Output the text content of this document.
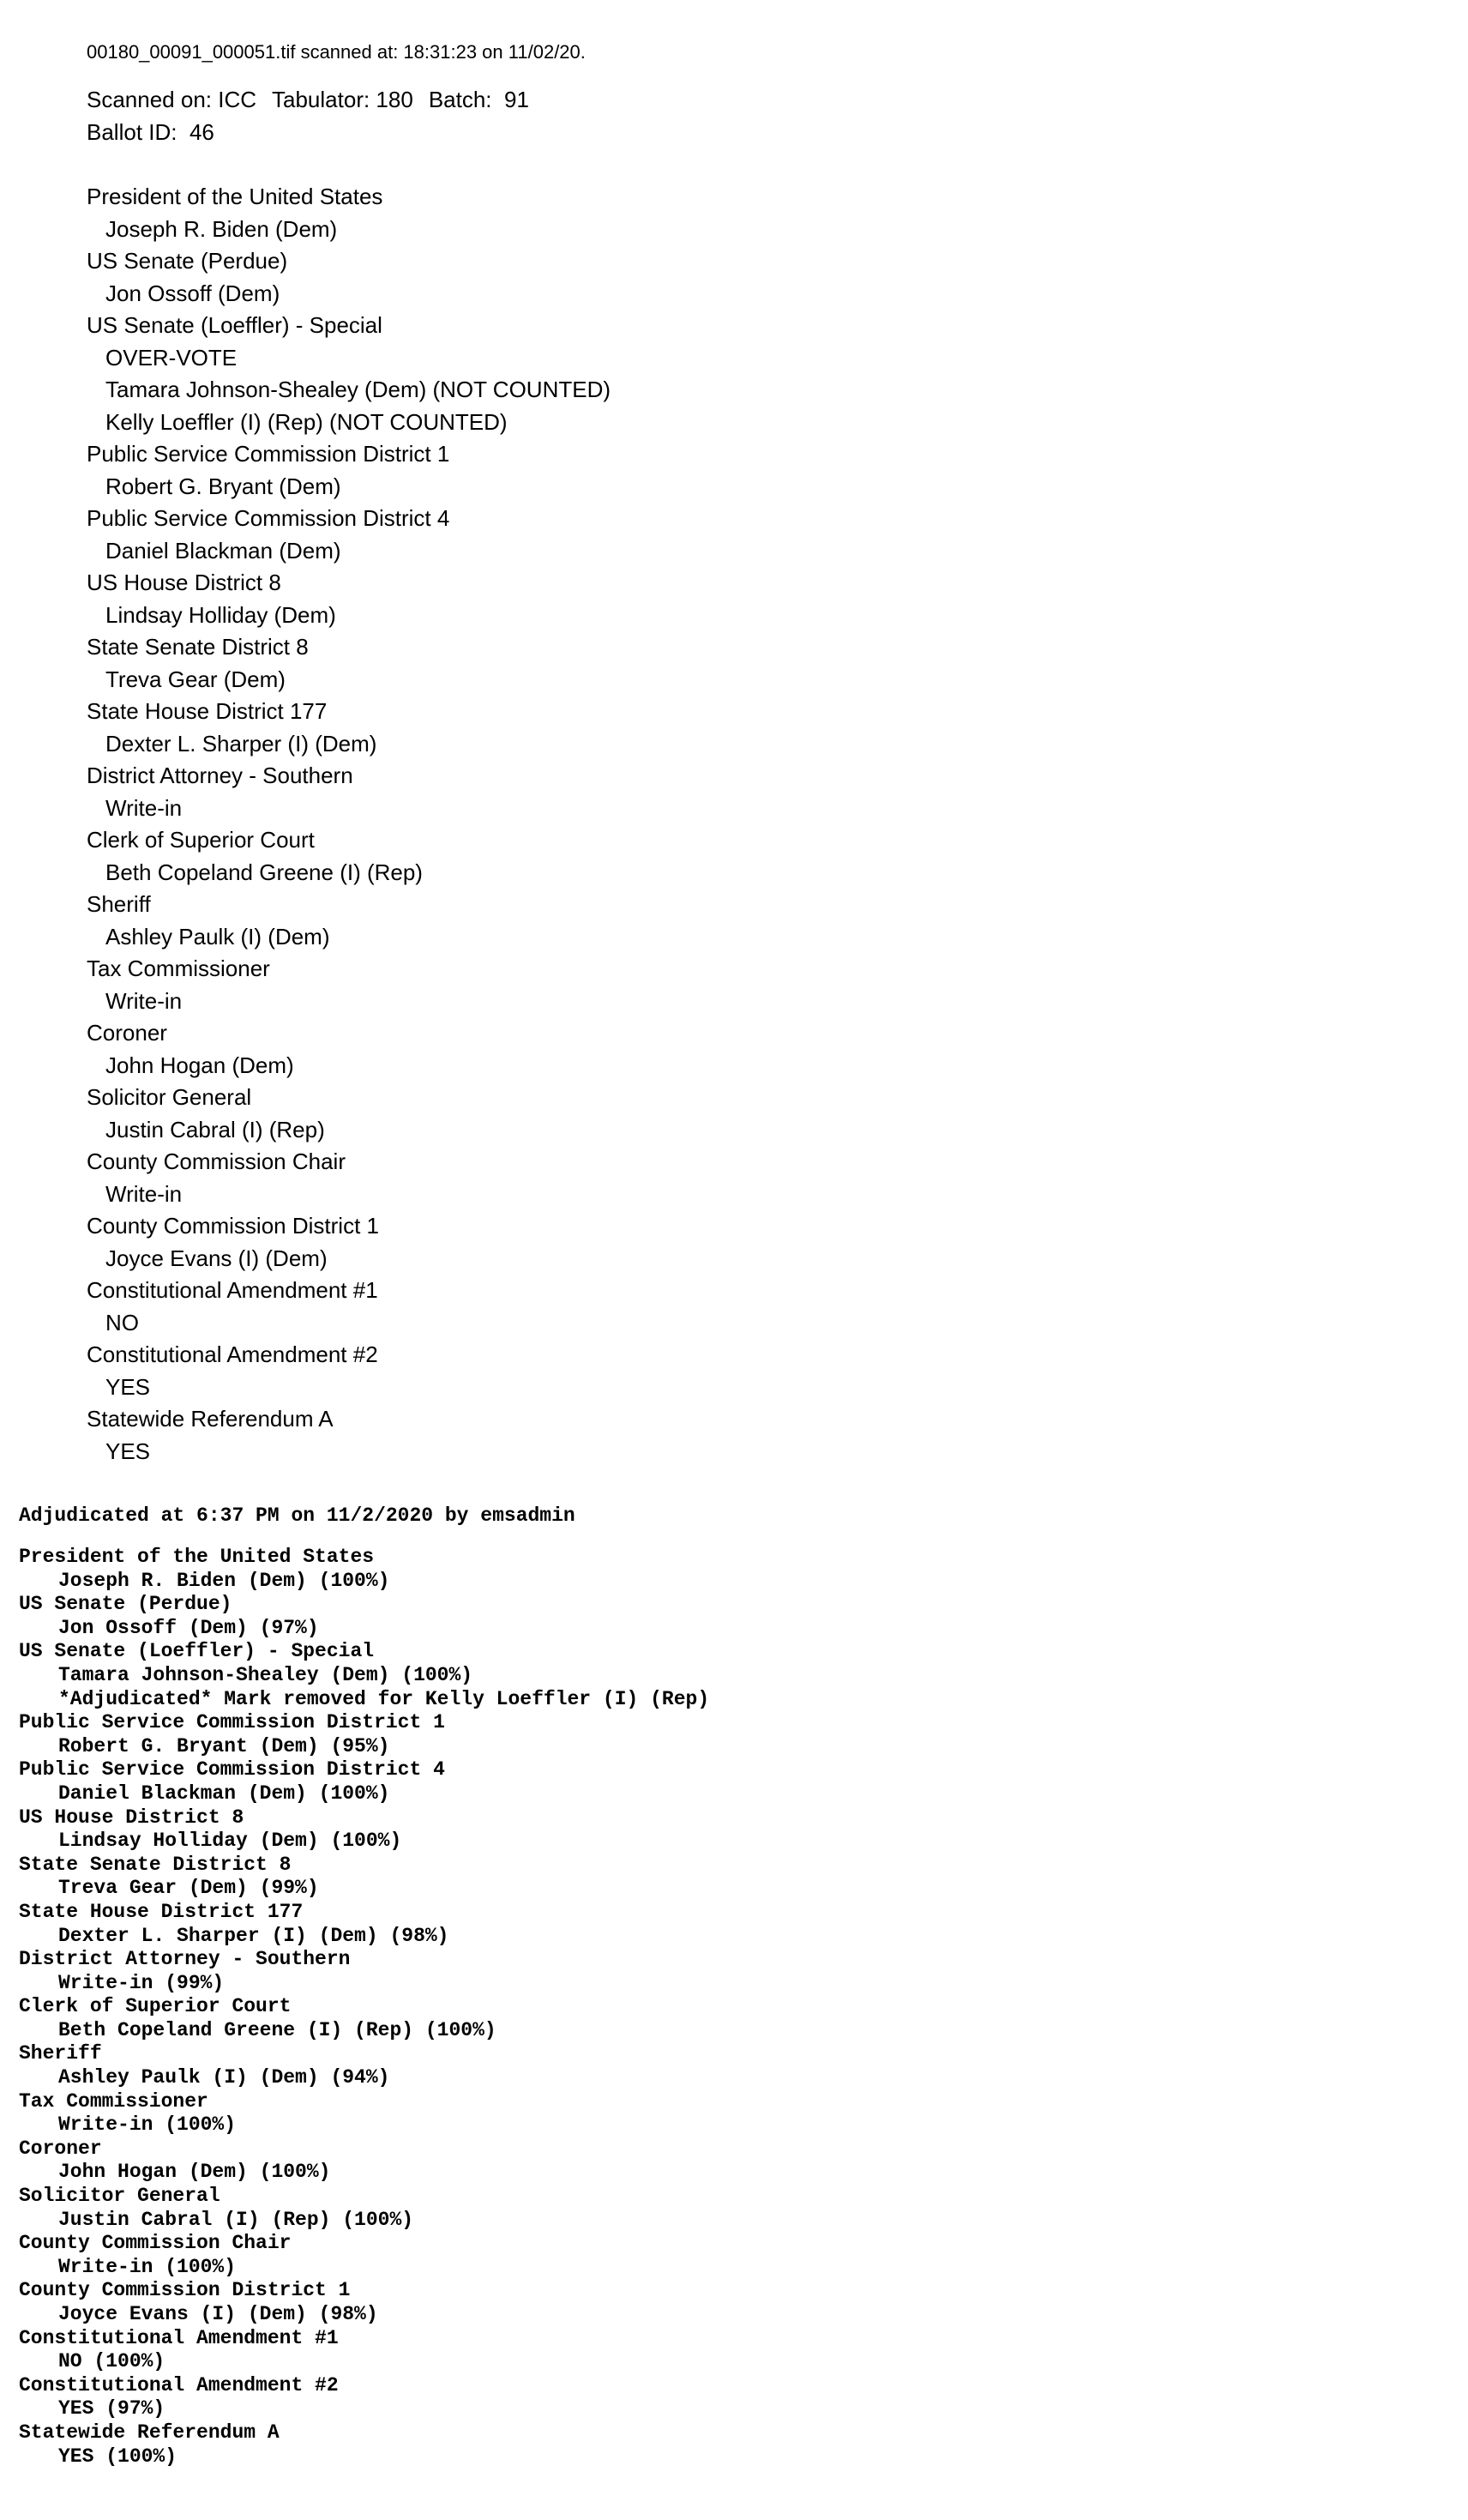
00180_00091_000051.tif scanned at: 18:31:23 on 11/02/20.
Scanned on: ICC Tabulator: 180 Batch: 91
Ballot ID: 46
President of the United States
Joseph R. Biden (Dem)
US Senate (Perdue)
Jon Ossoff (Dem)
US Senate (Loeffler) - Special
OVER-VOTE
Tamara Johnson-Shealey (Dem) (NOT COUNTED)
Kelly Loeffler (I) (Rep) (NOT COUNTED)
Public Service Commission District 1
Robert G. Bryant (Dem)
Public Service Commission District 4
Daniel Blackman (Dem)
US House District 8
Lindsay Holliday (Dem)
State Senate District 8
Treva Gear (Dem)
State House District 177
Dexter L. Sharper (I) (Dem)
District Attorney - Southern
Write-in
Clerk of Superior Court
Beth Copeland Greene (I) (Rep)
Sheriff
Ashley Paulk (I) (Dem)
Tax Commissioner
Write-in
Coroner
John Hogan (Dem)
Solicitor General
Justin Cabral (I) (Rep)
County Commission Chair
Write-in
County Commission District 1
Joyce Evans (I) (Dem)
Constitutional Amendment #1
NO
Constitutional Amendment #2
YES
Statewide Referendum A
YES
Adjudicated at 6:37 PM on 11/2/2020 by emsadmin
President of the United States
Joseph R. Biden (Dem) (100%)
US Senate (Perdue)
Jon Ossoff (Dem) (97%)
US Senate (Loeffler) - Special
Tamara Johnson-Shealey (Dem) (100%)
*Adjudicated* Mark removed for Kelly Loeffler (I) (Rep)
Public Service Commission District 1
Robert G. Bryant (Dem) (95%)
Public Service Commission District 4
Daniel Blackman (Dem) (100%)
US House District 8
Lindsay Holliday (Dem) (100%)
State Senate District 8
Treva Gear (Dem) (99%)
State House District 177
Dexter L. Sharper (I) (Dem) (98%)
District Attorney - Southern
Write-in (99%)
Clerk of Superior Court
Beth Copeland Greene (I) (Rep) (100%)
Sheriff
Ashley Paulk (I) (Dem) (94%)
Tax Commissioner
Write-in (100%)
Coroner
John Hogan (Dem) (100%)
Solicitor General
Justin Cabral (I) (Rep) (100%)
County Commission Chair
Write-in (100%)
County Commission District 1
Joyce Evans (I) (Dem) (98%)
Constitutional Amendment #1
NO (100%)
Constitutional Amendment #2
YES (97%)
Statewide Referendum A
YES (100%)
